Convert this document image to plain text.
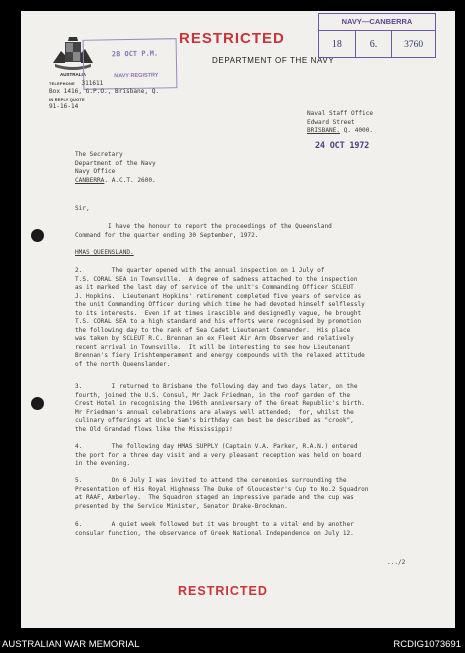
AUSTRALIA
28 OCT P.M.
NAVY REGISTRY
RESTRICTED
DEPARTMENT OF THE NAVY
NAVY—CANBERRA
18	6.	3760
TELEPHONE 311611
Box 1416, G.P.O., Brisbane, Q.
IN REPLY QUOTE
91-16-14
Naval Staff Office
Edward Street
BRISBANE. Q. 4000.
24 OCT 1972
The Secretary
Department of the Navy
Navy Office
CANBERRA. A.C.T. 2600.
Sir,
I have the honour to report the proceedings of the Queensland
Command for the quarter ending 30 September, 1972.
HMAS QUEENSLAND.
2.        The quarter opened with the annual inspection on 1 July of
T.S. CORAL SEA in Townsville.  A degree of sadness attached to the inspection
as it marked the last day of service of the unit's Commanding Officer SCLEUT
J. Hopkins.  Lieutenant Hopkins' retirement completed five years of service as
the unit Commanding Officer during which time he had devoted himself selflessly
to its interests.  Even if at times irascible and designedly vague, he brought
T.S. CORAL SEA to a high standard and his efforts were recognised by promotion
the following day to the rank of Sea Cadet Lieutenant Commander.  His place
was taken by SCLEUT R.C. Brennan an ex Fleet Air Arm Observer and relatively
recent arrival in Townsville.  It will be interesting to see how Lieutenant
Brennan's fiery Irishtemperament and energy compounds with the relaxed attitude
of the north Queenslander.
3.        I returned to Brisbane the following day and two days later, on the
fourth, joined the U.S. Consul, Mr Jack Friedman, in the roof garden of the
Crest Hotel in recognising the 196th anniversary of the Great Republic's birth.
Mr Friedman's annual celebrations are always well attended;  for, whilst the
culinary offerings at Uncle Sam's birthday can best be described as "crook",
the Old Grandad flows like the Mississippi!
4.        The following day HMAS SUPPLY (Captain V.A. Parker, R.A.N.) entered
the port for a three day visit and a very pleasant reception was held on board
in the evening.
5.        On 6 July I was invited to attend the ceremonies surrounding the
Presentation of His Royal Highness The Duke of Gloucester's Cup to No.2 Squadron
at RAAF, Amberley.  The Squadron staged an impressive parade and the cup was
presented by the Service Minister, Senator Drake-Brockman.
6.        A quiet week followed but it was brought to a vital end by another
consular function, the observance of Greek National Independence on July 12.
.../2
RESTRICTED
AUSTRALIAN WAR MEMORIAL	RCDIG1073691
